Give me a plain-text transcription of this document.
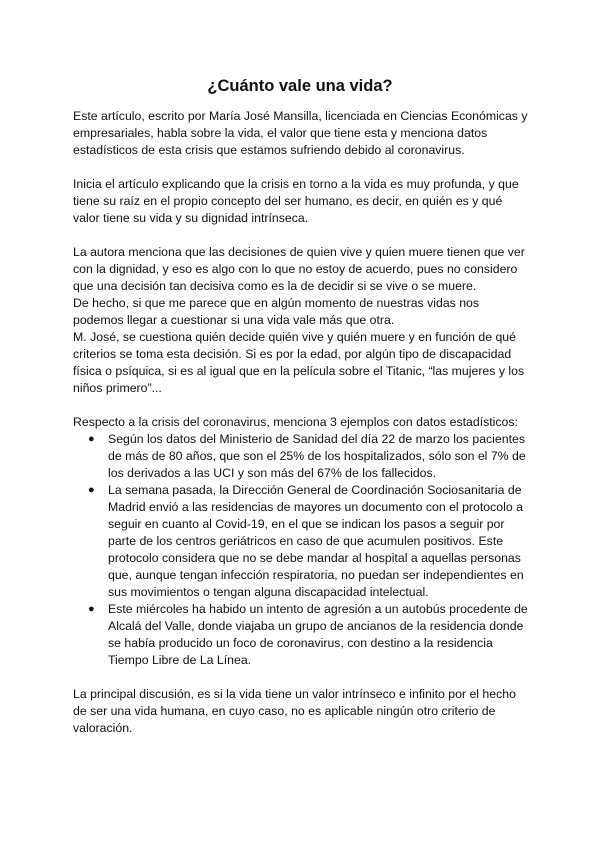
¿Cuánto vale una vida?

Este artículo, escrito por María José Mansilla, licenciada en Ciencias Económicas y empresariales, habla sobre la vida, el valor que tiene esta y menciona datos estadísticos de esta crisis que estamos sufriendo debido al coronavirus.

Inicia el artículo explicando que la crisis en torno a la vida es muy profunda, y que tiene su raíz en el propio concepto del ser humano, es decir, en quién es y qué valor tiene su vida y su dignidad intrínseca.

La autora menciona que las decisiones de quien vive y quien muere tienen que ver con la dignidad, y eso es algo con lo que no estoy de acuerdo, pues no considero que una decisión tan decisiva como es la de decidir si se vive o se muere.

De hecho, si que me parece que en algún momento de nuestras vidas nos podemos llegar a cuestionar si una vida vale más que otra.

M. José, se cuestiona quién decide quién vive y quién muere y en función de qué criterios se toma esta decisión. Si es por la edad, por algún tipo de discapacidad física o psíquica, si es al igual que en la película sobre el Titanic, “las mujeres y los niños primero”...

Respecto a la crisis del coronavirus, menciona 3 ejemplos con datos estadísticos:

● Según los datos del Ministerio de Sanidad del día 22 de marzo los pacientes de más de 80 años, que son el 25% de los hospitalizados, sólo son el 7% de los derivados a las UCI y son más del 67% de los fallecidos.
● La semana pasada, la Dirección General de Coordinación Sociosanitaria de Madrid envió a las residencias de mayores un documento con el protocolo a seguir en cuanto al Covid-19, en el que se indican los pasos a seguir por parte de los centros geriátricos en caso de que acumulen positivos. Este protocolo considera que no se debe mandar al hospital a aquellas personas que, aunque tengan infección respiratoria, no puedan ser independientes en sus movimientos o tengan alguna discapacidad intelectual.
● Este miércoles ha habido un intento de agresión a un autobús procedente de Alcalá del Valle, donde viajaba un grupo de ancianos de la residencia donde se había producido un foco de coronavirus, con destino a la residencia Tiempo Libre de La Línea.

La principal discusión, es si la vida tiene un valor intrínseco e infinito por el hecho de ser una vida humana, en cuyo caso, no es aplicable ningún otro criterio de valoración.
